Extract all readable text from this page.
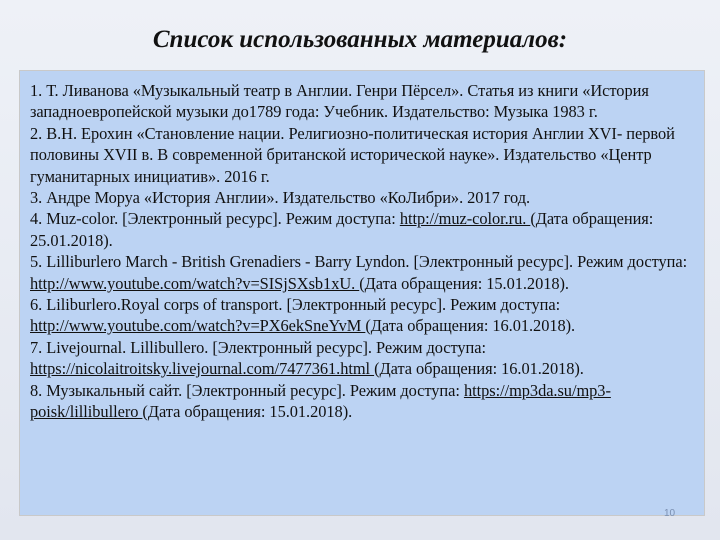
Список использованных материалов:

1. Т. Ливанова «Музыкальный театр в Англии. Генри Пёрсел». Статья из книги «История западноевропейской музыки до1789 года: Учебник. Издательство: Музыка 1983 г.

2. В.Н. Ерохин «Становление нации. Религиозно-политическая история Англии XVI- первой половины XVII в. В современной британской исторической науке». Издательство «Центр гуманитарных инициатив». 2016 г.

3. Андре Моруа «История Англии». Издательство «КоЛибри». 2017 год.

4. Muz-color. [Электронный ресурс]. Режим доступа: http://muz-color.ru. (Дата обращения: 25.01.2018).

5. Lilliburlero March - British Grenadiers - Barry Lyndon. [Электронный ресурс]. Режим доступа: http://www.youtube.com/watch?v=SISjSXsb1xU. (Дата обращения: 15.01.2018).

6. Liliburlero.Royal corps of transport. [Электронный ресурс]. Режим доступа: http://www.youtube.com/watch?v=PX6ekSneYvM (Дата обращения: 16.01.2018).

7. Livejournal. Lillibullero. [Электронный ресурс]. Режим доступа: https://nicolaitroitsky.livejournal.com/7477361.html (Дата обращения: 16.01.2018).

8. Музыкальный сайт. [Электронный ресурс]. Режим доступа: https://mp3da.su/mp3-poisk/lillibullero (Дата обращения: 15.01.2018).

10
